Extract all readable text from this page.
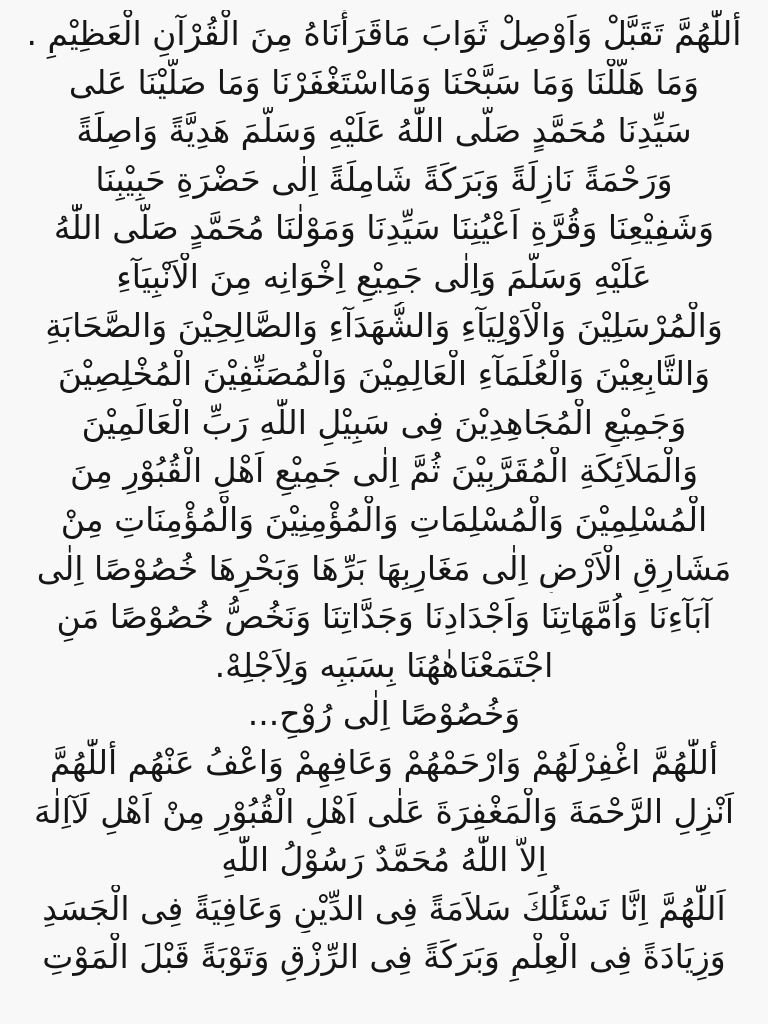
أللّٰهُمَّ تَقَبَّلْ وَاَوْصِلْ ثَوَابَ مَاقَرَأْنَاهُ مِنَ الْقُرْآنِ الْعَظِيْمِ .
وَمَا هَلَّلْنَا وَمَا سَبَّحْنَا وَمَااسْتَغْفَرْنَا وَمَا صَلَّيْنَا عَلى
سَيِّدِنَا مُحَمَّدٍ صَلَّى اللّٰهُ عَلَيْهِ وَسَلَّمَ هَدِيَّةً وَاصِلَةً
وَرَحْمَةً نَازِلَةً وَبَرَكَةً شَامِلَةً اِلٰى حَضْرَةِ حَبِيْبِنَا
وَشَفِيْعِنَا وَقُرَّةِ اَعْيُنِنَا سَيِّدِنَا وَمَوْلٰنَا مُحَمَّدٍ صَلَّى اللّٰهُ
عَلَيْهِ وَسَلَّمَ وَاِلٰى جَمِيْعِ اِخْوَانِه مِنَ الْاَنْبِيَآءِ
وَالْمُرْسَلِيْنَ وَالْاَوْلِيَآءِ وَالشُّهَدَآءِ وَالصَّالِحِيْنَ وَالصَّحَابَةِ
وَالتَّابِعِيْنَ وَالْعُلَمَآءِ الْعَالِمِيْنَ وَالْمُصَنِّفِيْنَ الْمُخْلِصِيْنَ
وَجَمِيْعِ الْمُجَاهِدِيْنَ فِى سَبِيْلِ اللّٰهِ رَبِّ الْعَالَمِيْنَ
وَالْمَلاَئِكَةِ الْمُقَرَّبِيْنَ ثُمَّ اِلٰى جَمِيْعِ اَهْلِ الْقُبُوْرِ مِنَ
الْمُسْلِمِيْنَ وَالْمُسْلِمَاتِ وَالْمُؤْمِنِيْنَ وَالْمُؤْمِنَاتِ مِنْ
مَشَارِقِ الْاَرْضِ اِلٰى مَغَارِبِهَا بَرِّهَا وَبَحْرِهَا خُصُوْصًا اِلٰى
آبَآءِنَا وَاُمَّهَاتِنَا وَاَجْدَادِنَا وَجَدَّاتِنَا وَنَخُصُّ خُصُوْصًا مَنِ
اجْتَمَعْنَاهٰهُنَا بِسَبَبِه وَلِاَجْلِهْ.
وَخُصُوْصًا اِلٰى رُوْحِ...
أللّٰهُمَّ اغْفِرْلَهُمْ وَارْحَمْهُمْ وَعَافِهِمْ وَاعْفُ عَنْهُم أللّٰهُمَّ
اَنْزِلِ الرَّحْمَةَ وَالْمَغْفِرَةَ عَلٰى اَهْلِ الْقُبُوْرِ مِنْ اَهْلِ لَآاِلٰهَ
اِلاَّ اللّٰهُ مُحَمَّدٌ رَسُوْلُ اللّٰهِ
اَللّٰهُمَّ اِنَّا نَسْئَلُكَ سَلاَمَةً فِى الدِّيْنِ وَعَافِيَةً فِى الْجَسَدِ
وَزِيَادَةً فِى الْعِلْمِ وَبَرَكَةً فِى الرِّزْقِ وَتَوْبَةً قَبْلَ الْمَوْتِ
